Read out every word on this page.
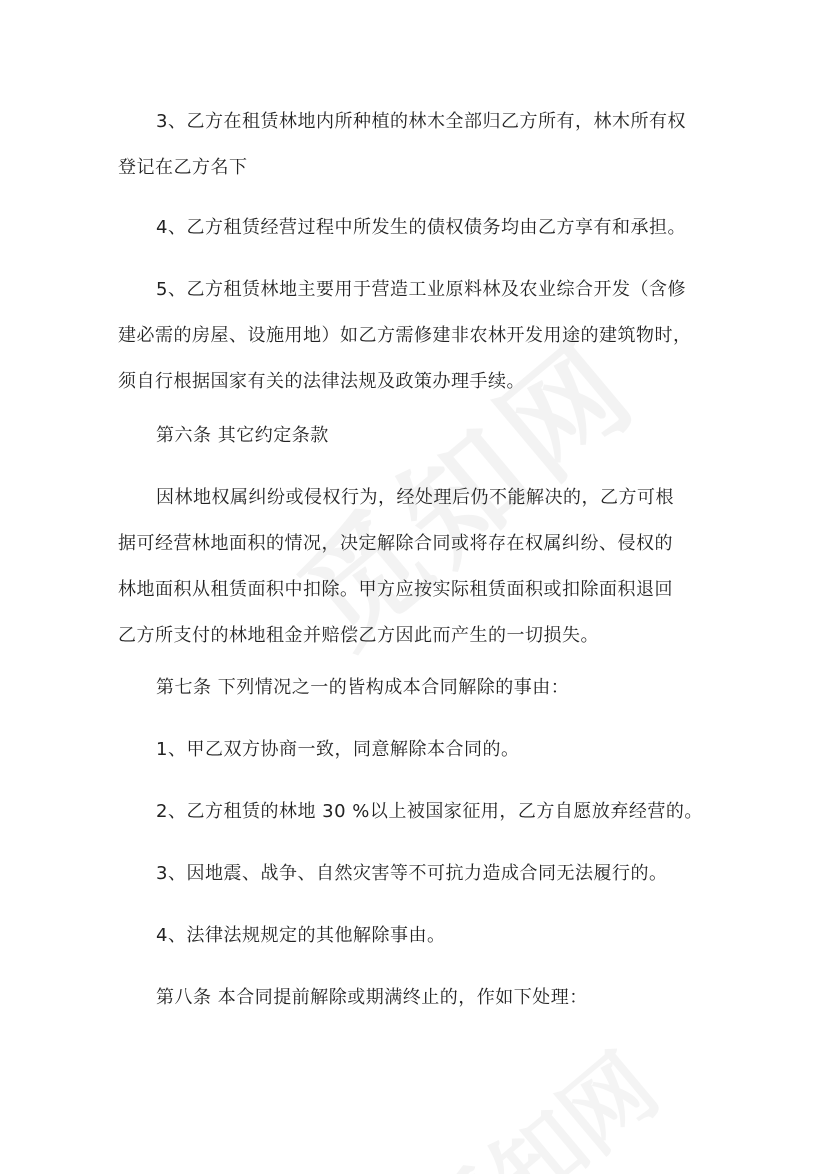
3、乙方在租赁林地内所种植的林木全部归乙方所有，林木所有权
登记在乙方名下

4、乙方租赁经营过程中所发生的债权债务均由乙方享有和承担。

5、乙方租赁林地主要用于营造工业原料林及农业综合开发（含修
建必需的房屋、设施用地）如乙方需修建非农林开发用途的建筑物时，
须自行根据国家有关的法律法规及政策办理手续。

第六条 其它约定条款

因林地权属纠纷或侵权行为，经处理后仍不能解决的，乙方可根
据可经营林地面积的情况，决定解除合同或将存在权属纠纷、侵权的
林地面积从租赁面积中扣除。甲方应按实际租赁面积或扣除面积退回
乙方所支付的林地租金并赔偿乙方因此而产生的一切损失。

第七条 下列情况之一的皆构成本合同解除的事由：

1、甲乙双方协商一致，同意解除本合同的。

2、乙方租赁的林地 30 %以上被国家征用，乙方自愿放弃经营的。

3、因地震、战争、自然灾害等不可抗力造成合同无法履行的。

4、法律法规规定的其他解除事由。

第八条 本合同提前解除或期满终止的，作如下处理：
